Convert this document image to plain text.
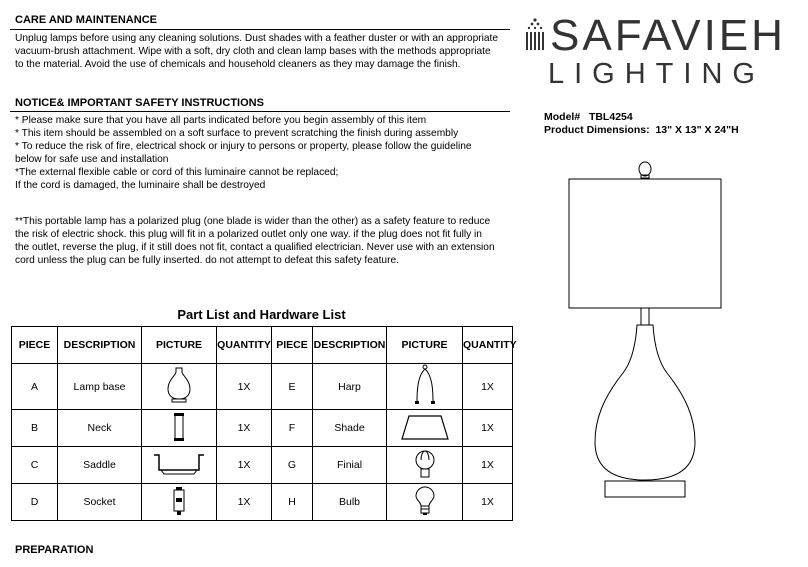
CARE AND MAINTENANCE

Unplug lamps before using any cleaning solutions. Dust shades with a feather duster or with an appropriate

vacuum-brush attachment. Wipe with a soft, dry cloth and clean lamp bases with the methods appropriate

to the material. Avoid the use of chemicals and household cleaners as they may damage the finish.

NOTICE& IMPORTANT SAFETY INSTRUCTIONS

* Please make sure that you have all parts indicated before you begin assembly of this item

* This item should be assembled on a soft surface to prevent scratching the finish during assembly

* To reduce the risk of fire, electrical shock or injury to persons or property, please follow the guideline

below for safe use and installation

*The external flexible cable or cord of this luminaire cannot be replaced;

If the cord is damaged, the luminaire shall be destroyed

**This portable lamp has a polarized plug (one blade is wider than the other) as a safety feature to reduce

the risk of electric shock. this plug will fit in a polarized outlet only one way. if the plug does not fit fully in

the outlet, reverse the plug, if it still does not fit, contact a qualified electrician. Never use with an extension

cord unless the plug can be fully inserted. do not attempt to defeat this safety feature.

Part List and Hardware List
PIECE	DESCRIPTION	PICTURE	QUANTITY	PIECE	DESCRIPTION	PICTURE	QUANTITY
A	Lamp base		1X	E	Harp		1X
B	Neck		1X	F	Shade		1X
C	Saddle		1X	G	Finial		1X
D	Socket		1X	H	Bulb		1X
PREPARATION
SAFAVIEH
LIGHTING
Model# TBL4254
Product Dimensions: 13" X 13" X 24"H
